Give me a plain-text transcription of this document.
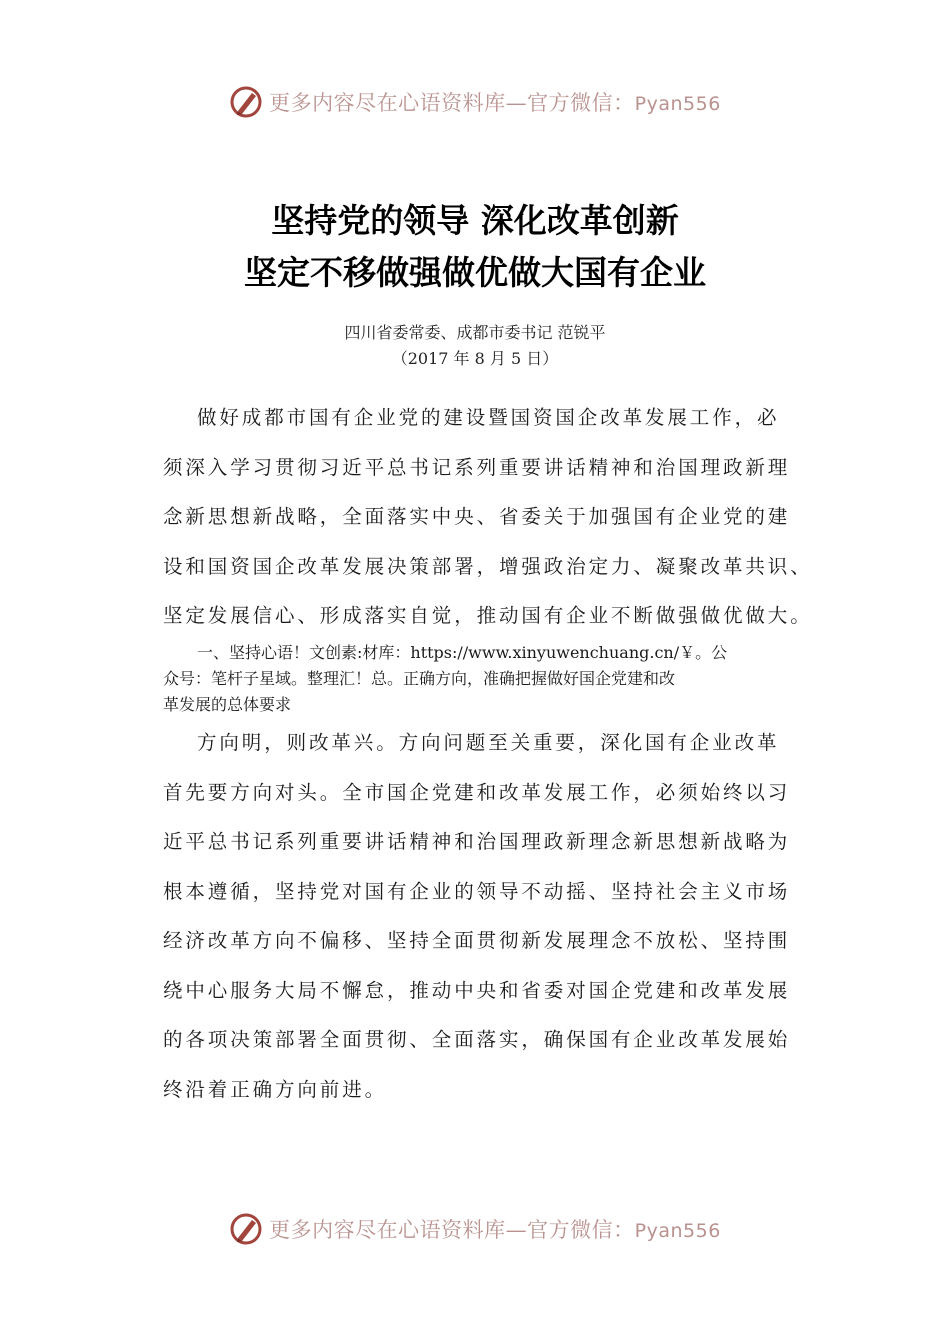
更多内容尽在心语资料库—官方微信：Pyan556
坚持党的领导 深化改革创新
坚定不移做强做优做大国有企业
四川省委常委、成都市委书记 范锐平
（2017 年 8 月 5 日）
做好成都市国有企业党的建设暨国资国企改革发展工作，必
须深入学习贯彻习近平总书记系列重要讲话精神和治国理政新理
念新思想新战略，全面落实中央、省委关于加强国有企业党的建
设和国资国企改革发展决策部署，增强政治定力、凝聚改革共识、
坚定发展信心、形成落实自觉，推动国有企业不断做强做优做大。
一、坚持心语！文创素:材库：https://www.xinyuwenchuang.cn/￥。公
众号：笔杆子星域。整理汇！总。正确方向，准确把握做好国企党建和改
革发展的总体要求
方向明，则改革兴。方向问题至关重要，深化国有企业改革
首先要方向对头。全市国企党建和改革发展工作，必须始终以习
近平总书记系列重要讲话精神和治国理政新理念新思想新战略为
根本遵循，坚持党对国有企业的领导不动摇、坚持社会主义市场
经济改革方向不偏移、坚持全面贯彻新发展理念不放松、坚持围
绕中心服务大局不懈怠，推动中央和省委对国企党建和改革发展
的各项决策部署全面贯彻、全面落实，确保国有企业改革发展始
终沿着正确方向前进。
更多内容尽在心语资料库—官方微信：Pyan556
